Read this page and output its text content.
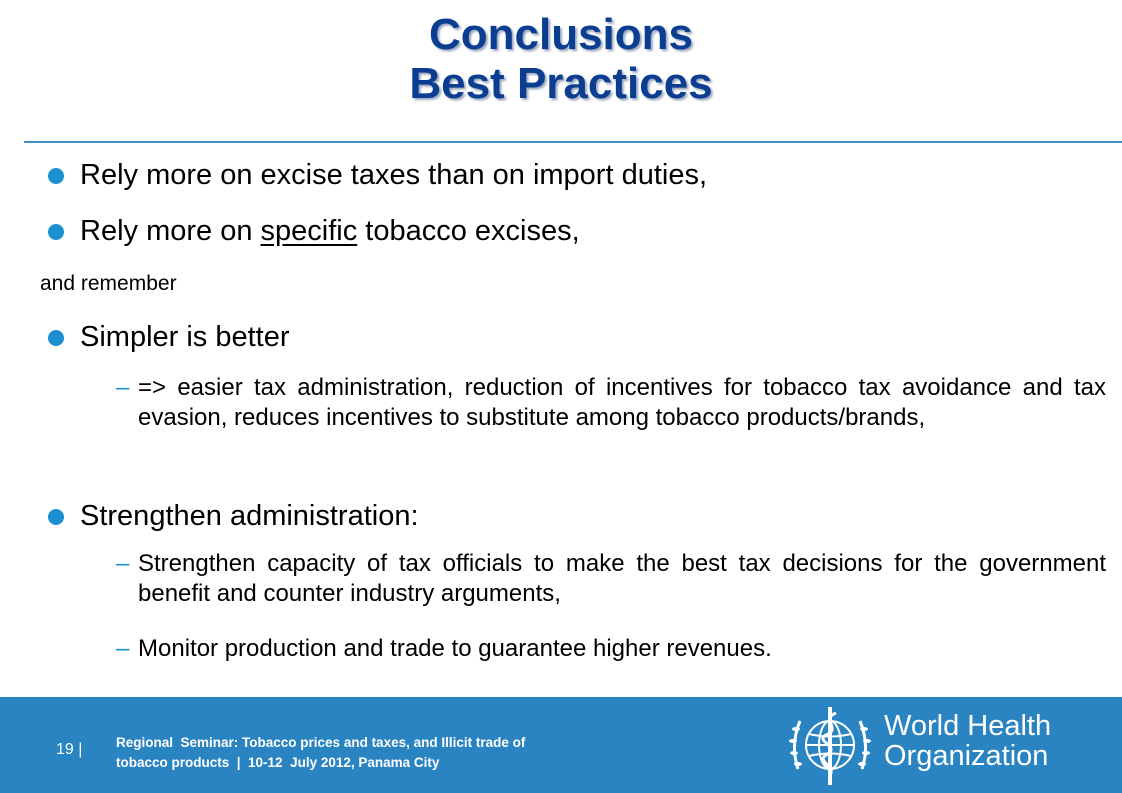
Conclusions
Best Practices
Rely more on excise taxes than on import duties,
Rely more on specific tobacco excises,
and remember
Simpler is better
– => easier tax administration, reduction of incentives for tobacco tax avoidance and tax evasion, reduces incentives to substitute among tobacco products/brands,
Strengthen administration:
– Strengthen capacity of tax officials to make the best tax decisions for the government benefit and counter industry arguments,
– Monitor production and trade to guarantee higher revenues.
19 | Regional  Seminar: Tobacco prices and taxes, and Illicit trade of
tobacco products  |  10-12  July 2012, Panama City
World Health
Organization
